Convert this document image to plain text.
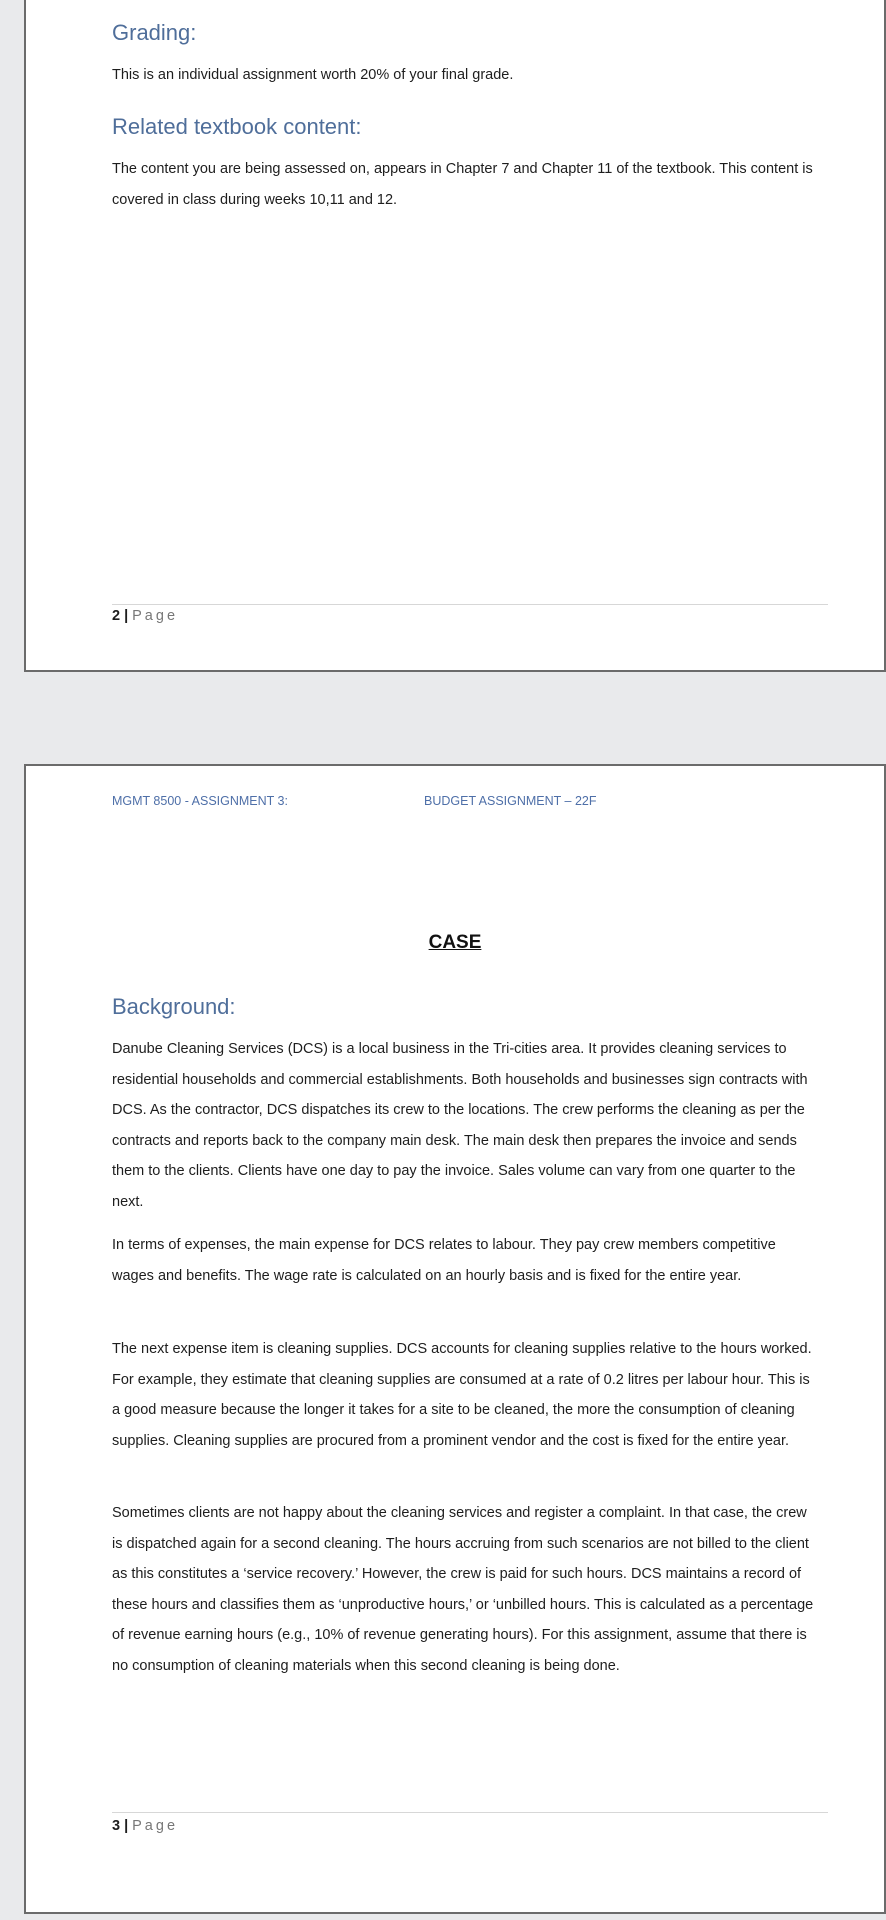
Grading:

This is an individual assignment worth 20% of your final grade.

Related textbook content:

The content you are being assessed on, appears in Chapter 7 and Chapter 11 of the textbook. This content is covered in class during weeks 10,11 and 12.

2 | Page
MGMT 8500 - ASSIGNMENT 3:	BUDGET ASSIGNMENT – 22F
CASE
Background:

Danube Cleaning Services (DCS) is a local business in the Tri-cities area. It provides cleaning services to residential households and commercial establishments. Both households and businesses sign contracts with DCS. As the contractor, DCS dispatches its crew to the locations. The crew performs the cleaning as per the contracts and reports back to the company main desk. The main desk then prepares the invoice and sends them to the clients. Clients have one day to pay the invoice. Sales volume can vary from one quarter to the next.

In terms of expenses, the main expense for DCS relates to labour. They pay crew members competitive wages and benefits. The wage rate is calculated on an hourly basis and is fixed for the entire year.

The next expense item is cleaning supplies. DCS accounts for cleaning supplies relative to the hours worked. For example, they estimate that cleaning supplies are consumed at a rate of 0.2 litres per labour hour. This is a good measure because the longer it takes for a site to be cleaned, the more the consumption of cleaning supplies. Cleaning supplies are procured from a prominent vendor and the cost is fixed for the entire year.

Sometimes clients are not happy about the cleaning services and register a complaint. In that case, the crew is dispatched again for a second cleaning. The hours accruing from such scenarios are not billed to the client as this constitutes a ‘service recovery.’ However, the crew is paid for such hours. DCS maintains a record of these hours and classifies them as ‘unproductive hours,’ or ‘unbilled hours. This is calculated as a percentage of revenue earning hours (e.g., 10% of revenue generating hours). For this assignment, assume that there is no consumption of cleaning materials when this second cleaning is being done.

3 | Page
